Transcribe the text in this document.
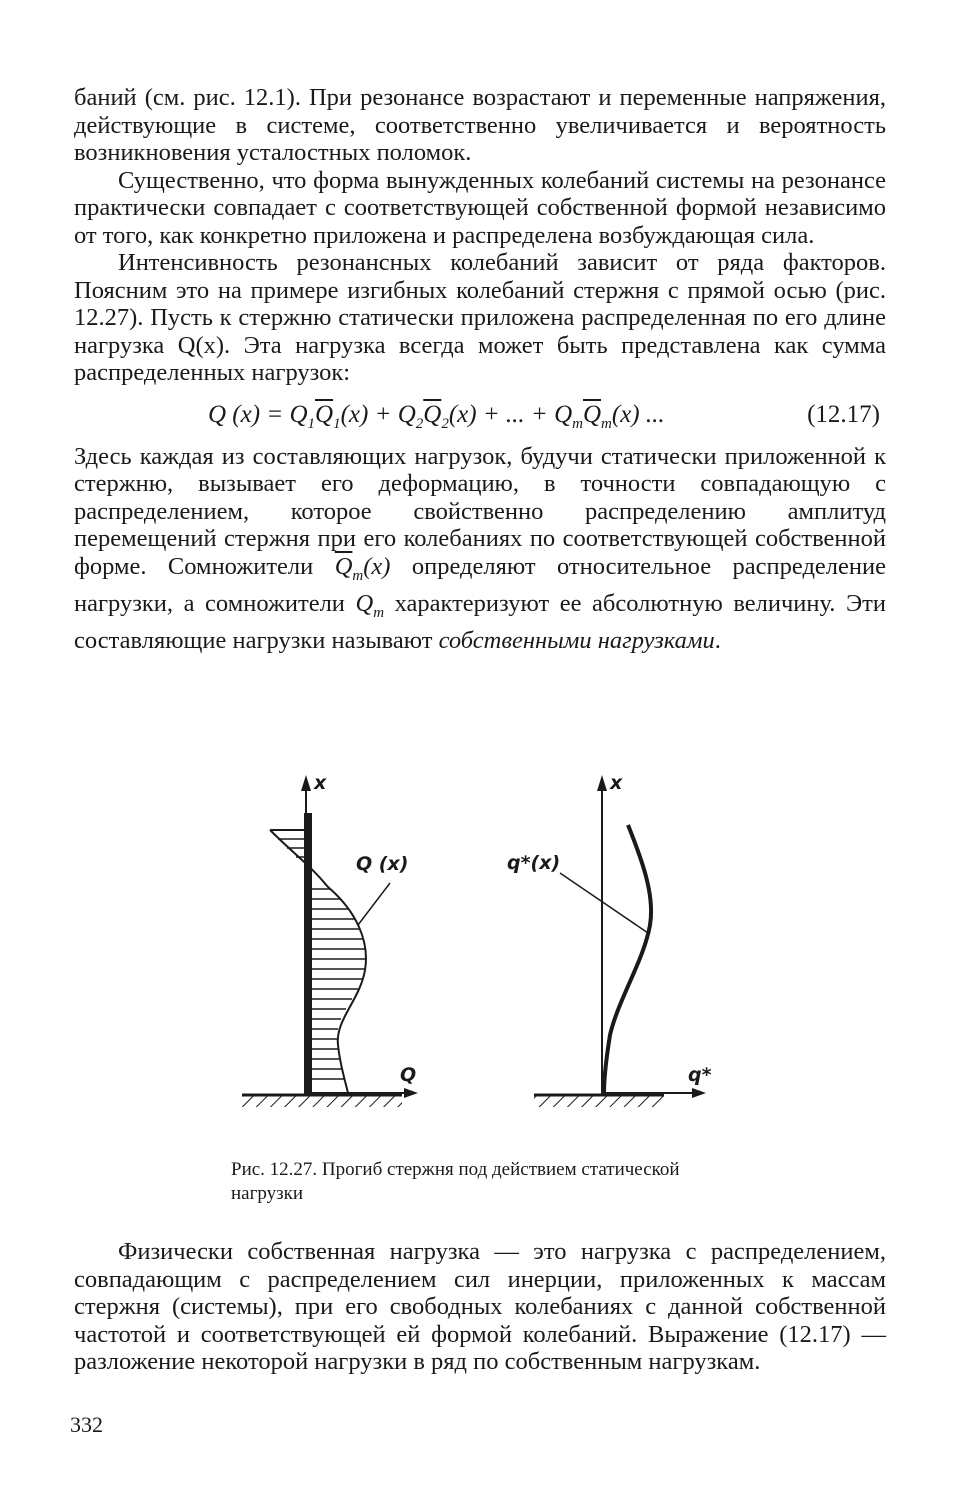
баний (см. рис. 12.1). При резонансе возрастают и переменные напряжения, действующие в системе, соответственно увеличивается и вероятность возникновения усталостных поломок.

Существенно, что форма вынужденных колебаний системы на резонансе практически совпадает с соответствующей собственной формой независимо от того, как конкретно приложена и распределена возбуждающая сила.

Интенсивность резонансных колебаний зависит от ряда факторов. Поясним это на примере изгибных колебаний стержня с прямой осью (рис. 12.27). Пусть к стержню статически приложена распределенная по его длине нагрузка Q(x). Эта нагрузка всегда может быть представлена как сумма распределенных нагрузок:

Q $(x) = Q_1\overline{Q}_1(x) + Q_2\overline{Q}_2(x)$ + ... + $Q_m\overline{Q}_m(x)$ ...	(12.17)

Здесь каждая из составляющих нагрузок, будучи статически приложенной к стержню, вызывает его деформацию, в точности совпадающую с распределением, которое свойственно распределению амплитуд перемещений стержня при его колебаниях по соответствующей собственной форме. Сомножители $\overline{Q}_m(x)$ определяют относительное распределение нагрузки, а сомножители $Q_m$ характеризуют ее абсолютную величину. Эти составляющие нагрузки называют собственными нагрузками.

x
Q (x)
Q
x
q*(x)
q*
Рис. 12.27. Прогиб стержня под действием статической нагрузки

Физически собственная нагрузка — это нагрузка с распределением, совпадающим с распределением сил инерции, приложенных к массам стержня (системы), при его свободных колебаниях с данной собственной частотой и соответствующей ей формой колебаний. Выражение (12.17) — разложение некоторой нагрузки в ряд по собственным нагрузкам.

332
